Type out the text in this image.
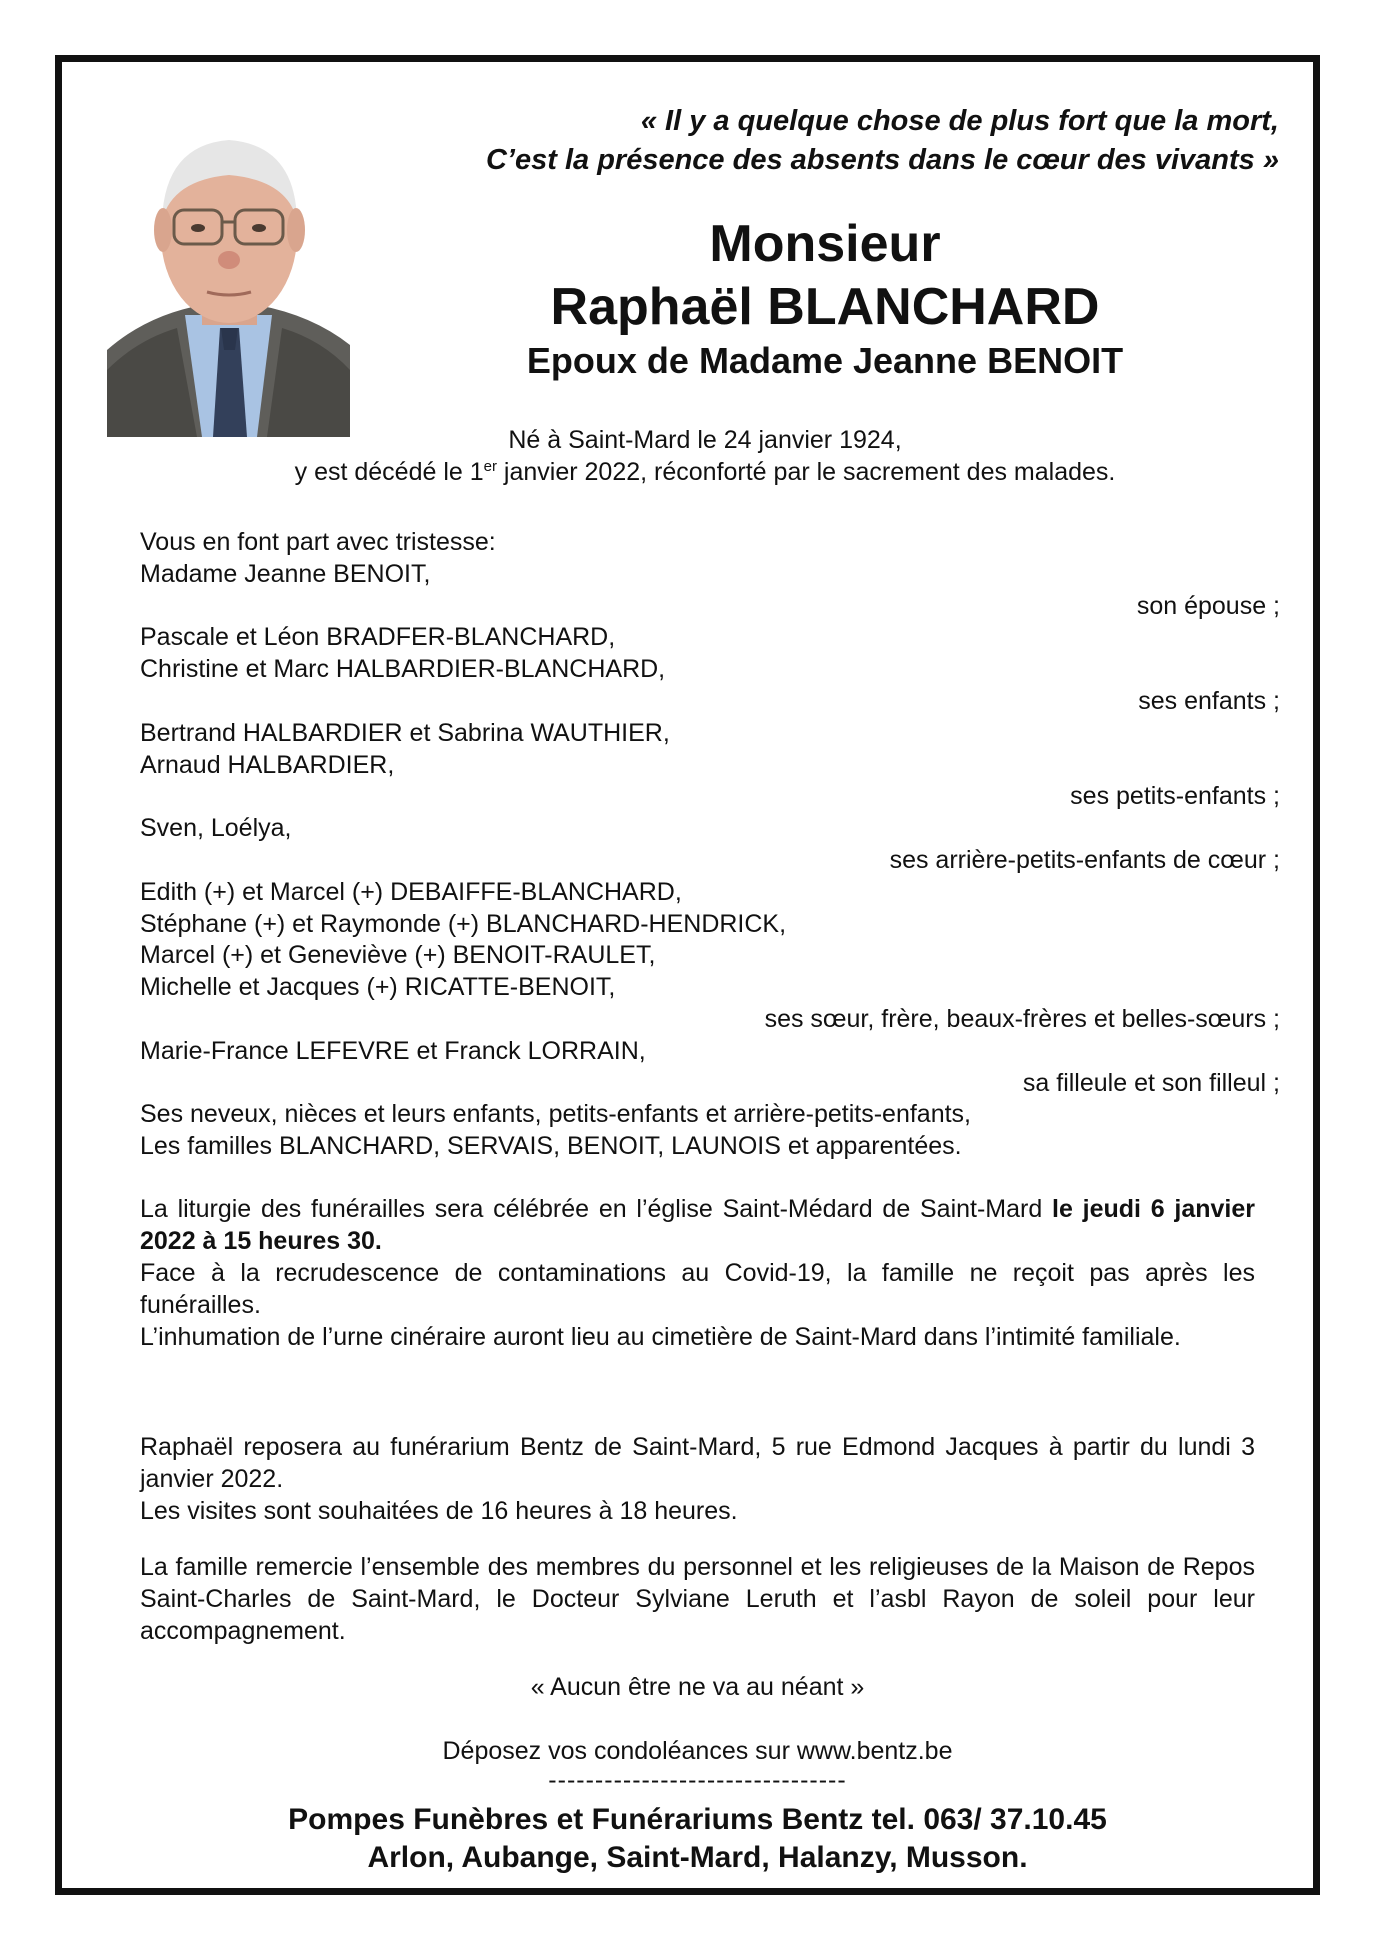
« Il y a quelque chose de plus fort que la mort,
C’est la présence des absents dans le cœur des vivants »
Monsieur
Raphaël BLANCHARD
Epoux de Madame Jeanne BENOIT
Né à Saint-Mard le 24 janvier 1924,
y est décédé le 1er janvier 2022, réconforté par le sacrement des malades.
Vous en font part avec tristesse:
Madame Jeanne BENOIT,
son épouse ;
Pascale et Léon BRADFER-BLANCHARD,
Christine et Marc HALBARDIER-BLANCHARD,
ses enfants ;
Bertrand HALBARDIER et Sabrina WAUTHIER,
Arnaud HALBARDIER,
ses petits-enfants ;
Sven, Loélya,
ses arrière-petits-enfants de cœur ;
Edith (+) et Marcel (+) DEBAIFFE-BLANCHARD,
Stéphane (+) et Raymonde (+) BLANCHARD-HENDRICK,
Marcel (+) et Geneviève (+) BENOIT-RAULET,
Michelle et Jacques (+) RICATTE-BENOIT,
ses sœur, frère, beaux-frères et belles-sœurs ;
Marie-France LEFEVRE et Franck LORRAIN,
sa filleule et son filleul ;
Ses neveux, nièces et leurs enfants, petits-enfants et arrière-petits-enfants,
Les familles BLANCHARD, SERVAIS, BENOIT, LAUNOIS et apparentées.
La liturgie des funérailles sera célébrée en l’église Saint-Médard de Saint-Mard le jeudi 6 janvier 2022 à 15 heures 30.
Face à la recrudescence de contaminations au Covid-19, la famille ne reçoit pas après les funérailles.
L’inhumation de l’urne cinéraire auront lieu au cimetière de Saint-Mard dans l’intimité familiale.
Raphaël reposera au funérarium Bentz de Saint-Mard, 5 rue Edmond Jacques à partir du lundi 3 janvier 2022.
Les visites sont souhaitées de 16 heures à 18 heures.
La famille remercie l’ensemble des membres du personnel et les religieuses de la Maison de Repos Saint-Charles de Saint-Mard, le Docteur Sylviane Leruth et l’asbl Rayon de soleil pour leur accompagnement.
« Aucun être ne va au néant »
Déposez vos condoléances sur www.bentz.be
--------------------------------
Pompes Funèbres et Funérariums Bentz tel. 063/ 37.10.45
Arlon, Aubange, Saint-Mard, Halanzy, Musson.
